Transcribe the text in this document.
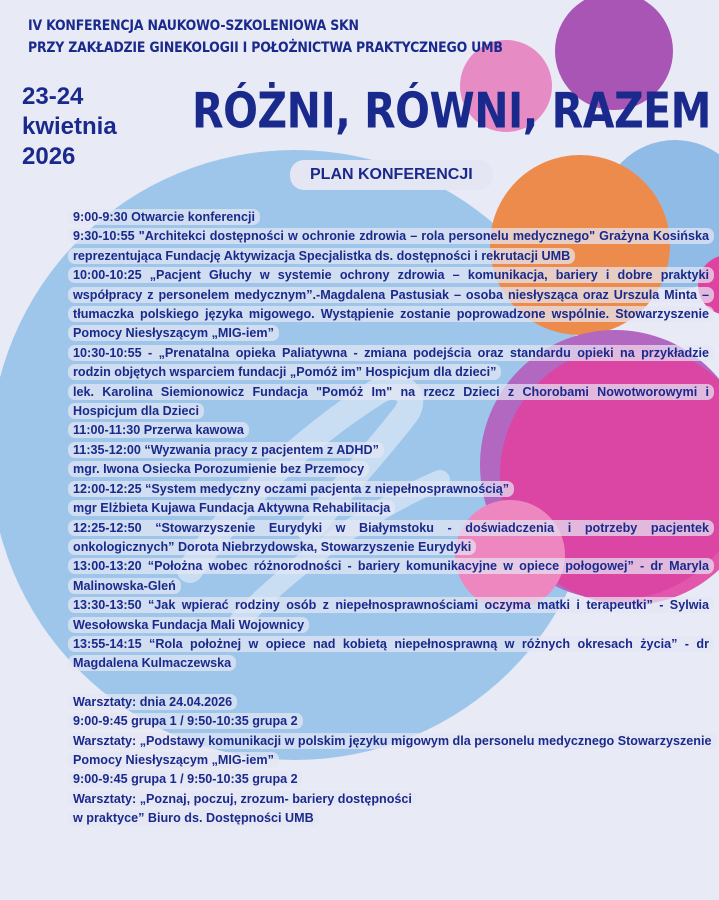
IV KONFERENCJA NAUKOWO-SZKOLENIOWA SKN
PRZY ZAKŁADZIE GINEKOLOGII I POŁOŻNICTWA PRAKTYCZNEGO UMB
23-24
kwietnia
2026
RÓŻNI, RÓWNI, RAZEM
PLAN KONFERENCJI

9:00-9:30 Otwarcie konferencji

9:30-10:55 "Architekci dostępności w ochronie zdrowia – rola personelu medycznego" Grażyna Kosińska reprezentująca Fundację Aktywizacja Specjalistka ds. dostępności i rekrutacji UMB

10:00-10:25 „Pacjent Głuchy w systemie ochrony zdrowia – komunikacja, bariery i dobre praktyki współpracy z personelem medycznym”.-Magdalena Pastusiak – osoba niesłysząca oraz Urszula Minta – tłumaczka polskiego języka migowego. Wystąpienie zostanie poprowadzone wspólnie. Stowarzyszenie Pomocy Niesłyszącym „MIG-iem”

10:30-10:55 - „Prenatalna opieka Paliatywna - zmiana podejścia oraz standardu opieki na przykładzie rodzin objętych wsparciem fundacji „Pomóż im” Hospicjum dla dzieci”

lek. Karolina Siemionowicz Fundacja "Pomóż Im" na rzecz Dzieci z Chorobami Nowotworowymi i Hospicjum dla Dzieci

11:00-11:30 Przerwa kawowa

11:35-12:00 “Wyzwania pracy z pacjentem z ADHD”

mgr. Iwona Osiecka Porozumienie bez Przemocy

12:00-12:25 “System medyczny oczami pacjenta z niepełnosprawnością”

mgr Elżbieta Kujawa Fundacja Aktywna Rehabilitacja

12:25-12:50 “Stowarzyszenie Eurydyki w Białymstoku - doświadczenia i potrzeby pacjentek onkologicznych” Dorota Niebrzydowska, Stowarzyszenie Eurydyki

13:00-13:20 “Położna wobec różnorodności - bariery komunikacyjne w opiece połogowej” - dr Maryla Malinowska-Gleń

13:30-13:50 “Jak wpierać rodziny osób z niepełnosprawnościami oczyma matki i terapeutki” - Sylwia Wesołowska Fundacja Mali Wojownicy

13:55-14:15 “Rola położnej w opiece nad kobietą niepełnosprawną w różnych okresach życia” - dr Magdalena Kulmaczewska

Warsztaty: dnia 24.04.2026

9:00-9:45 grupa 1 / 9:50-10:35 grupa 2

Warsztaty: „Podstawy komunikacji w polskim języku migowym dla personelu medycznego Stowarzyszenie Pomocy Niesłyszącym „MIG-iem”

9:00-9:45 grupa 1 / 9:50-10:35 grupa 2

Warsztaty: „Poznaj, poczuj, zrozum- bariery dostępności

w praktyce” Biuro ds. Dostępności UMB
